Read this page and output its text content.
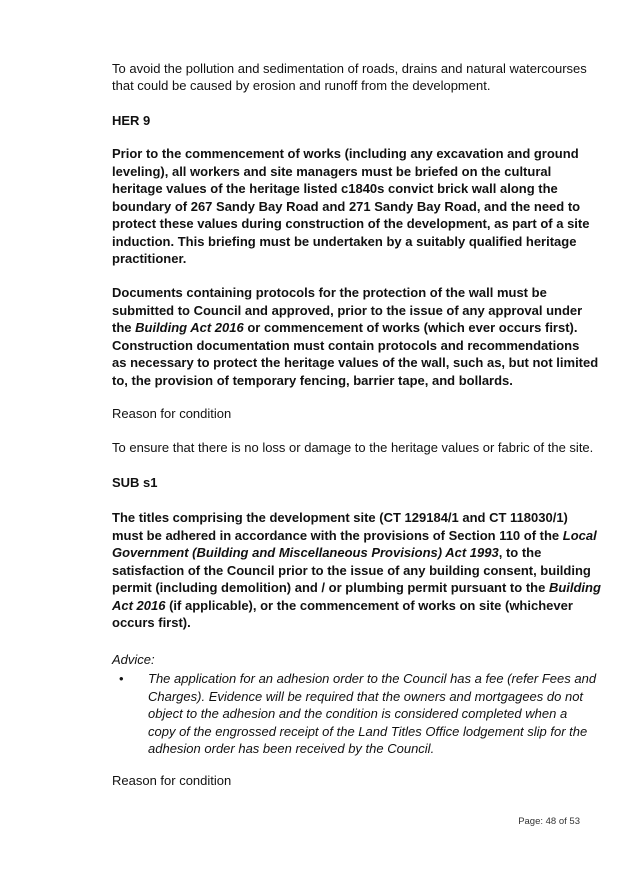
To avoid the pollution and sedimentation of roads, drains and natural watercourses

that could be caused by erosion and runoff from the development.

HER 9

Prior to the commencement of works (including any excavation and ground

leveling), all workers and site managers must be briefed on the cultural

heritage values of the heritage listed c1840s convict brick wall along the

boundary of 267 Sandy Bay Road and 271 Sandy Bay Road, and the need to

protect these values during construction of the development, as part of a site

induction. This briefing must be undertaken by a suitably qualified heritage

practitioner.

Documents containing protocols for the protection of the wall must be

submitted to Council and approved, prior to the issue of any approval under

the Building Act 2016 or commencement of works (which ever occurs first).

Construction documentation must contain protocols and recommendations

as necessary to protect the heritage values of the wall, such as, but not limited

to, the provision of temporary fencing, barrier tape, and bollards.

Reason for condition

To ensure that there is no loss or damage to the heritage values or fabric of the site.

SUB s1

The titles comprising the development site (CT 129184/1 and CT 118030/1)

must be adhered in accordance with the provisions of Section 110 of the Local

Government (Building and Miscellaneous Provisions) Act 1993, to the

satisfaction of the Council prior to the issue of any building consent, building

permit (including demolition) and / or plumbing permit pursuant to the Building

Act 2016 (if applicable), or the commencement of works on site (whichever

occurs first).

Advice:

• The application for an adhesion order to the Council has a fee (refer Fees and
Charges). Evidence will be required that the owners and mortgagees do not
object to the adhesion and the condition is considered completed when a
copy of the engrossed receipt of the Land Titles Office lodgement slip for the
adhesion order has been received by the Council.

Reason for condition

Page: 48 of 53
